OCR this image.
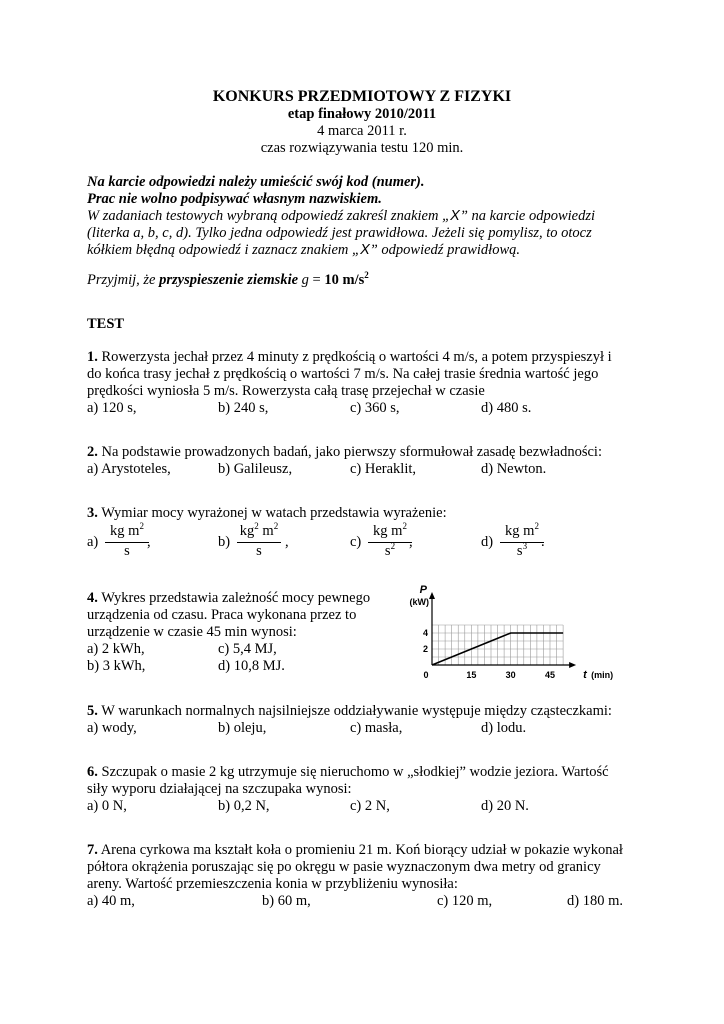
KONKURS PRZEDMIOTOWY Z FIZYKI
etap finałowy 2010/2011
4 marca 2011 r.
czas rozwiązywania testu 120 min.
Na karcie odpowiedzi należy umieścić swój kod (numer).
Prac nie wolno podpisywać własnym nazwiskiem.
W zadaniach testowych wybraną odpowiedź zakreśl znakiem „X” na karcie odpowiedzi
(literka a, b, c, d). Tylko jedna odpowiedź jest prawidłowa. Jeżeli się pomylisz, to otocz
kółkiem błędną odpowiedź i zaznacz znakiem „X” odpowiedź prawidłową.
Przyjmij, że przyspieszenie ziemskie g = 10 $m/s^2$
TEST
1. Rowerzysta jechał przez 4 minuty z prędkością o wartości 4 m/s, a potem przyspieszył i
do końca trasy jechał z prędkością o wartości 7 m/s. Na całej trasie średnia wartość jego
prędkości wyniosła 5 m/s. Rowerzysta całą trasę przejechał w czasie
a) 120 s,	b) 240 s,	c) 360 s,	d) 480 s.
2. Na podstawie prowadzonych badań, jako pierwszy sformułował zasadę bezwładności:
a) Arystoteles,	b) Galileusz,	c) Heraklit,	d) Newton.
3. Wymiar mocy wyrażonej w watach przedstawia wyrażenie:
a)
kg $m^2$
s
,	b)
$kg^2$ $m^2$
s
,	c)
kg $m^2$
$s^2$ ,	d)
kg $m^2$
$s^3$ .
4. Wykres przedstawia zależność mocy pewnego
urządzenia od czasu. Praca wykonana przez to
urządzenie w czasie 45 min wynosi:
a) 2 kWh,	c) 5,4 MJ,
b) 3 kWh,	d) 10,8 MJ.
0	15	30	45
2
4
P
(kW)
t (min)
5. W warunkach normalnych najsilniejsze oddziaływanie występuje między cząsteczkami:
a) wody,	b) oleju,	c) masła,	d) lodu.
6. Szczupak o masie 2 kg utrzymuje się nieruchomo w „słodkiej” wodzie jeziora. Wartość
siły wyporu działającej na szczupaka wynosi:
a) 0 N,	b) 0,2 N,	c) 2 N,	d) 20 N.
7. Arena cyrkowa ma kształt koła o promieniu 21 m. Koń biorący udział w pokazie wykonał
półtora okrążenia poruszając się po okręgu w pasie wyznaczonym dwa metry od granicy
areny. Wartość przemieszczenia konia w przybliżeniu wynosiła:
a) 40 m,	b) 60 m,	c) 120 m,	d) 180 m.
